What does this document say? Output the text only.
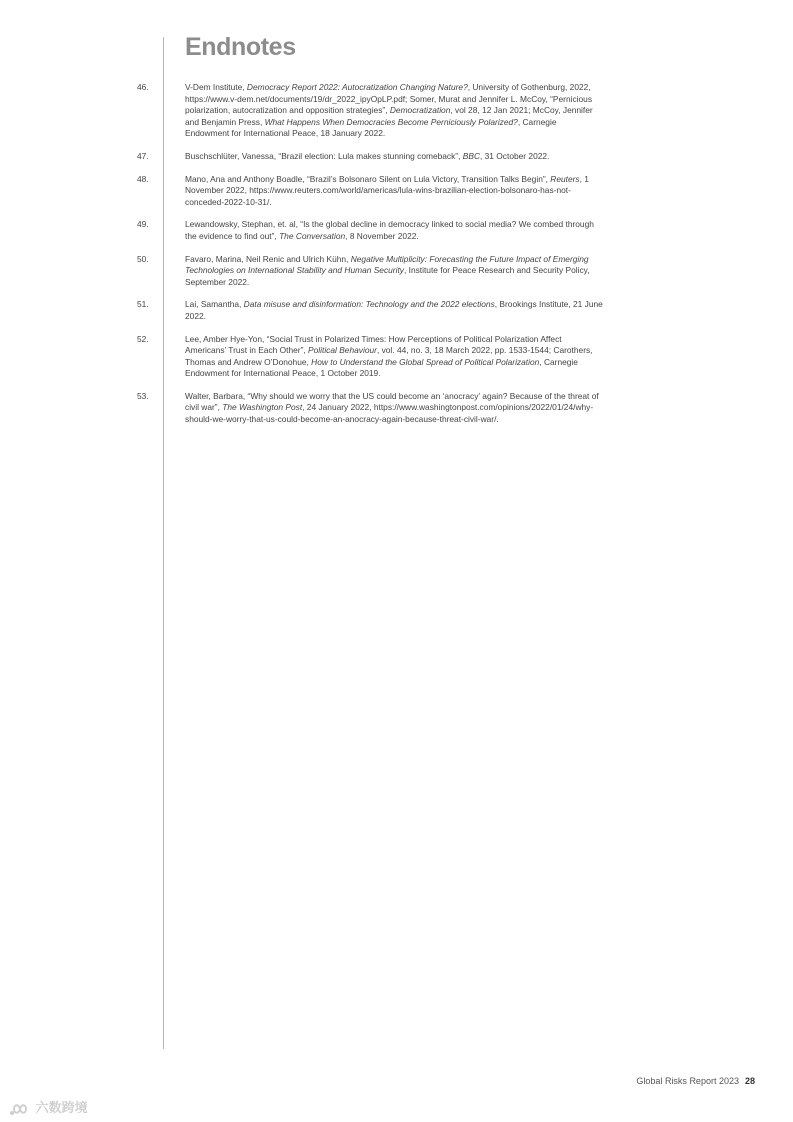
Endnotes
46.	V-Dem Institute, Democracy Report 2022: Autocratization Changing Nature?, University of Gothenburg, 2022, https://www.v-dem.net/documents/19/dr_2022_ipyOpLP.pdf; Somer, Murat and Jennifer L. McCoy, “Pernicious polarization, autocratization and opposition strategies”, Democratization, vol 28, 12 Jan 2021; McCoy, Jennifer and Benjamin Press, What Happens When Democracies Become Perniciously Polarized?, Carnegie Endowment for International Peace, 18 January 2022.
47.	Buschschlüter, Vanessa, “Brazil election: Lula makes stunning comeback”, BBC, 31 October 2022.
48.	Mano, Ana and Anthony Boadle, “Brazil’s Bolsonaro Silent on Lula Victory, Transition Talks Begin”, Reuters, 1 November 2022, https://www.reuters.com/world/americas/lula-wins-brazilian-election-bolsonaro-has-not-conceded-2022-10-31/.
49.	Lewandowsky, Stephan, et. al, “Is the global decline in democracy linked to social media? We combed through the evidence to find out”, The Conversation, 8 November 2022.
50.	Favaro, Marina, Neil Renic and Ulrich Kühn, Negative Multiplicity: Forecasting the Future Impact of Emerging Technologies on International Stability and Human Security, Institute for Peace Research and Security Policy, September 2022.
51.	Lai, Samantha, Data misuse and disinformation: Technology and the 2022 elections, Brookings Institute, 21 June 2022.
52.	Lee, Amber Hye-Yon, “Social Trust in Polarized Times: How Perceptions of Political Polarization Affect Americans’ Trust in Each Other”, Political Behaviour, vol. 44, no. 3, 18 March 2022, pp. 1533-1544; Carothers, Thomas and Andrew O’Donohue, How to Understand the Global Spread of Political Polarization, Carnegie Endowment for International Peace, 1 October 2019.
53.	Walter, Barbara, “Why should we worry that the US could become an ‘anocracy’ again? Because of the threat of civil war”, The Washington Post, 24 January 2022, https://www.washingtonpost.com/opinions/2022/01/24/why-should-we-worry-that-us-could-become-an-anocracy-again-because-threat-civil-war/.
Global Risks Report 2023 28
六数跨境
